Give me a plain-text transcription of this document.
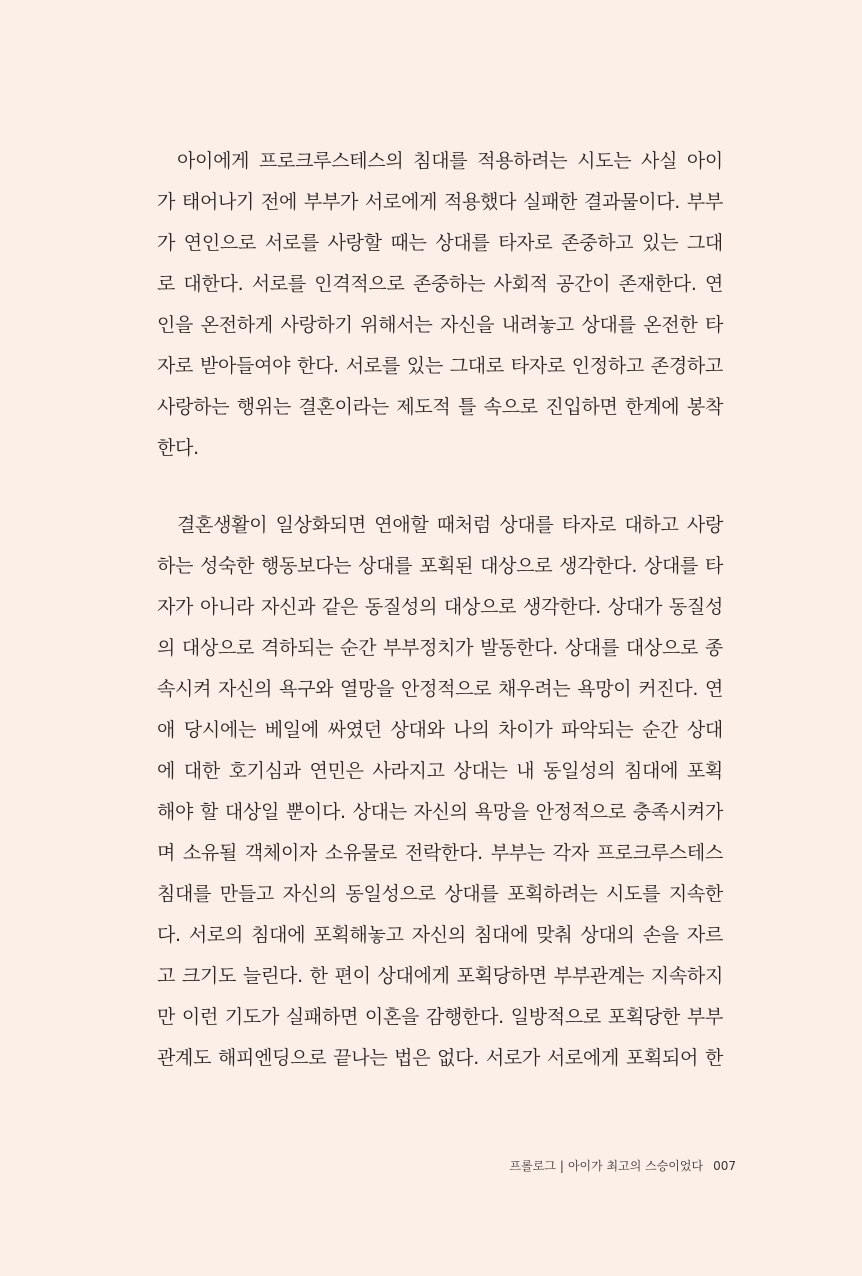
아이에게 프로크루스테스의 침대를 적용하려는 시도는 사실 아이
가 태어나기 전에 부부가 서로에게 적용했다 실패한 결과물이다. 부부
가 연인으로 서로를 사랑할 때는 상대를 타자로 존중하고 있는 그대
로 대한다. 서로를 인격적으로 존중하는 사회적 공간이 존재한다. 연
인을 온전하게 사랑하기 위해서는 자신을 내려놓고 상대를 온전한 타
자로 받아들여야 한다. 서로를 있는 그대로 타자로 인정하고 존경하고
사랑하는 행위는 결혼이라는 제도적 틀 속으로 진입하면 한계에 봉착
한다.
결혼생활이 일상화되면 연애할 때처럼 상대를 타자로 대하고 사랑
하는 성숙한 행동보다는 상대를 포획된 대상으로 생각한다. 상대를 타
자가 아니라 자신과 같은 동질성의 대상으로 생각한다. 상대가 동질성
의 대상으로 격하되는 순간 부부정치가 발동한다. 상대를 대상으로 종
속시켜 자신의 욕구와 열망을 안정적으로 채우려는 욕망이 커진다. 연
애 당시에는 베일에 싸였던 상대와 나의 차이가 파악되는 순간 상대
에 대한 호기심과 연민은 사라지고 상대는 내 동일성의 침대에 포획
해야 할 대상일 뿐이다. 상대는 자신의 욕망을 안정적으로 충족시켜가
며 소유될 객체이자 소유물로 전락한다. 부부는 각자 프로크루스테스
침대를 만들고 자신의 동일성으로 상대를 포획하려는 시도를 지속한
다. 서로의 침대에 포획해놓고 자신의 침대에 맞춰 상대의 손을 자르
고 크기도 늘린다. 한 편이 상대에게 포획당하면 부부관계는 지속하지
만 이런 기도가 실패하면 이혼을 감행한다. 일방적으로 포획당한 부부
관계도 해피엔딩으로 끝나는 법은 없다. 서로가 서로에게 포획되어 한
프롤로그 | 아이가 최고의 스승이었다 007
